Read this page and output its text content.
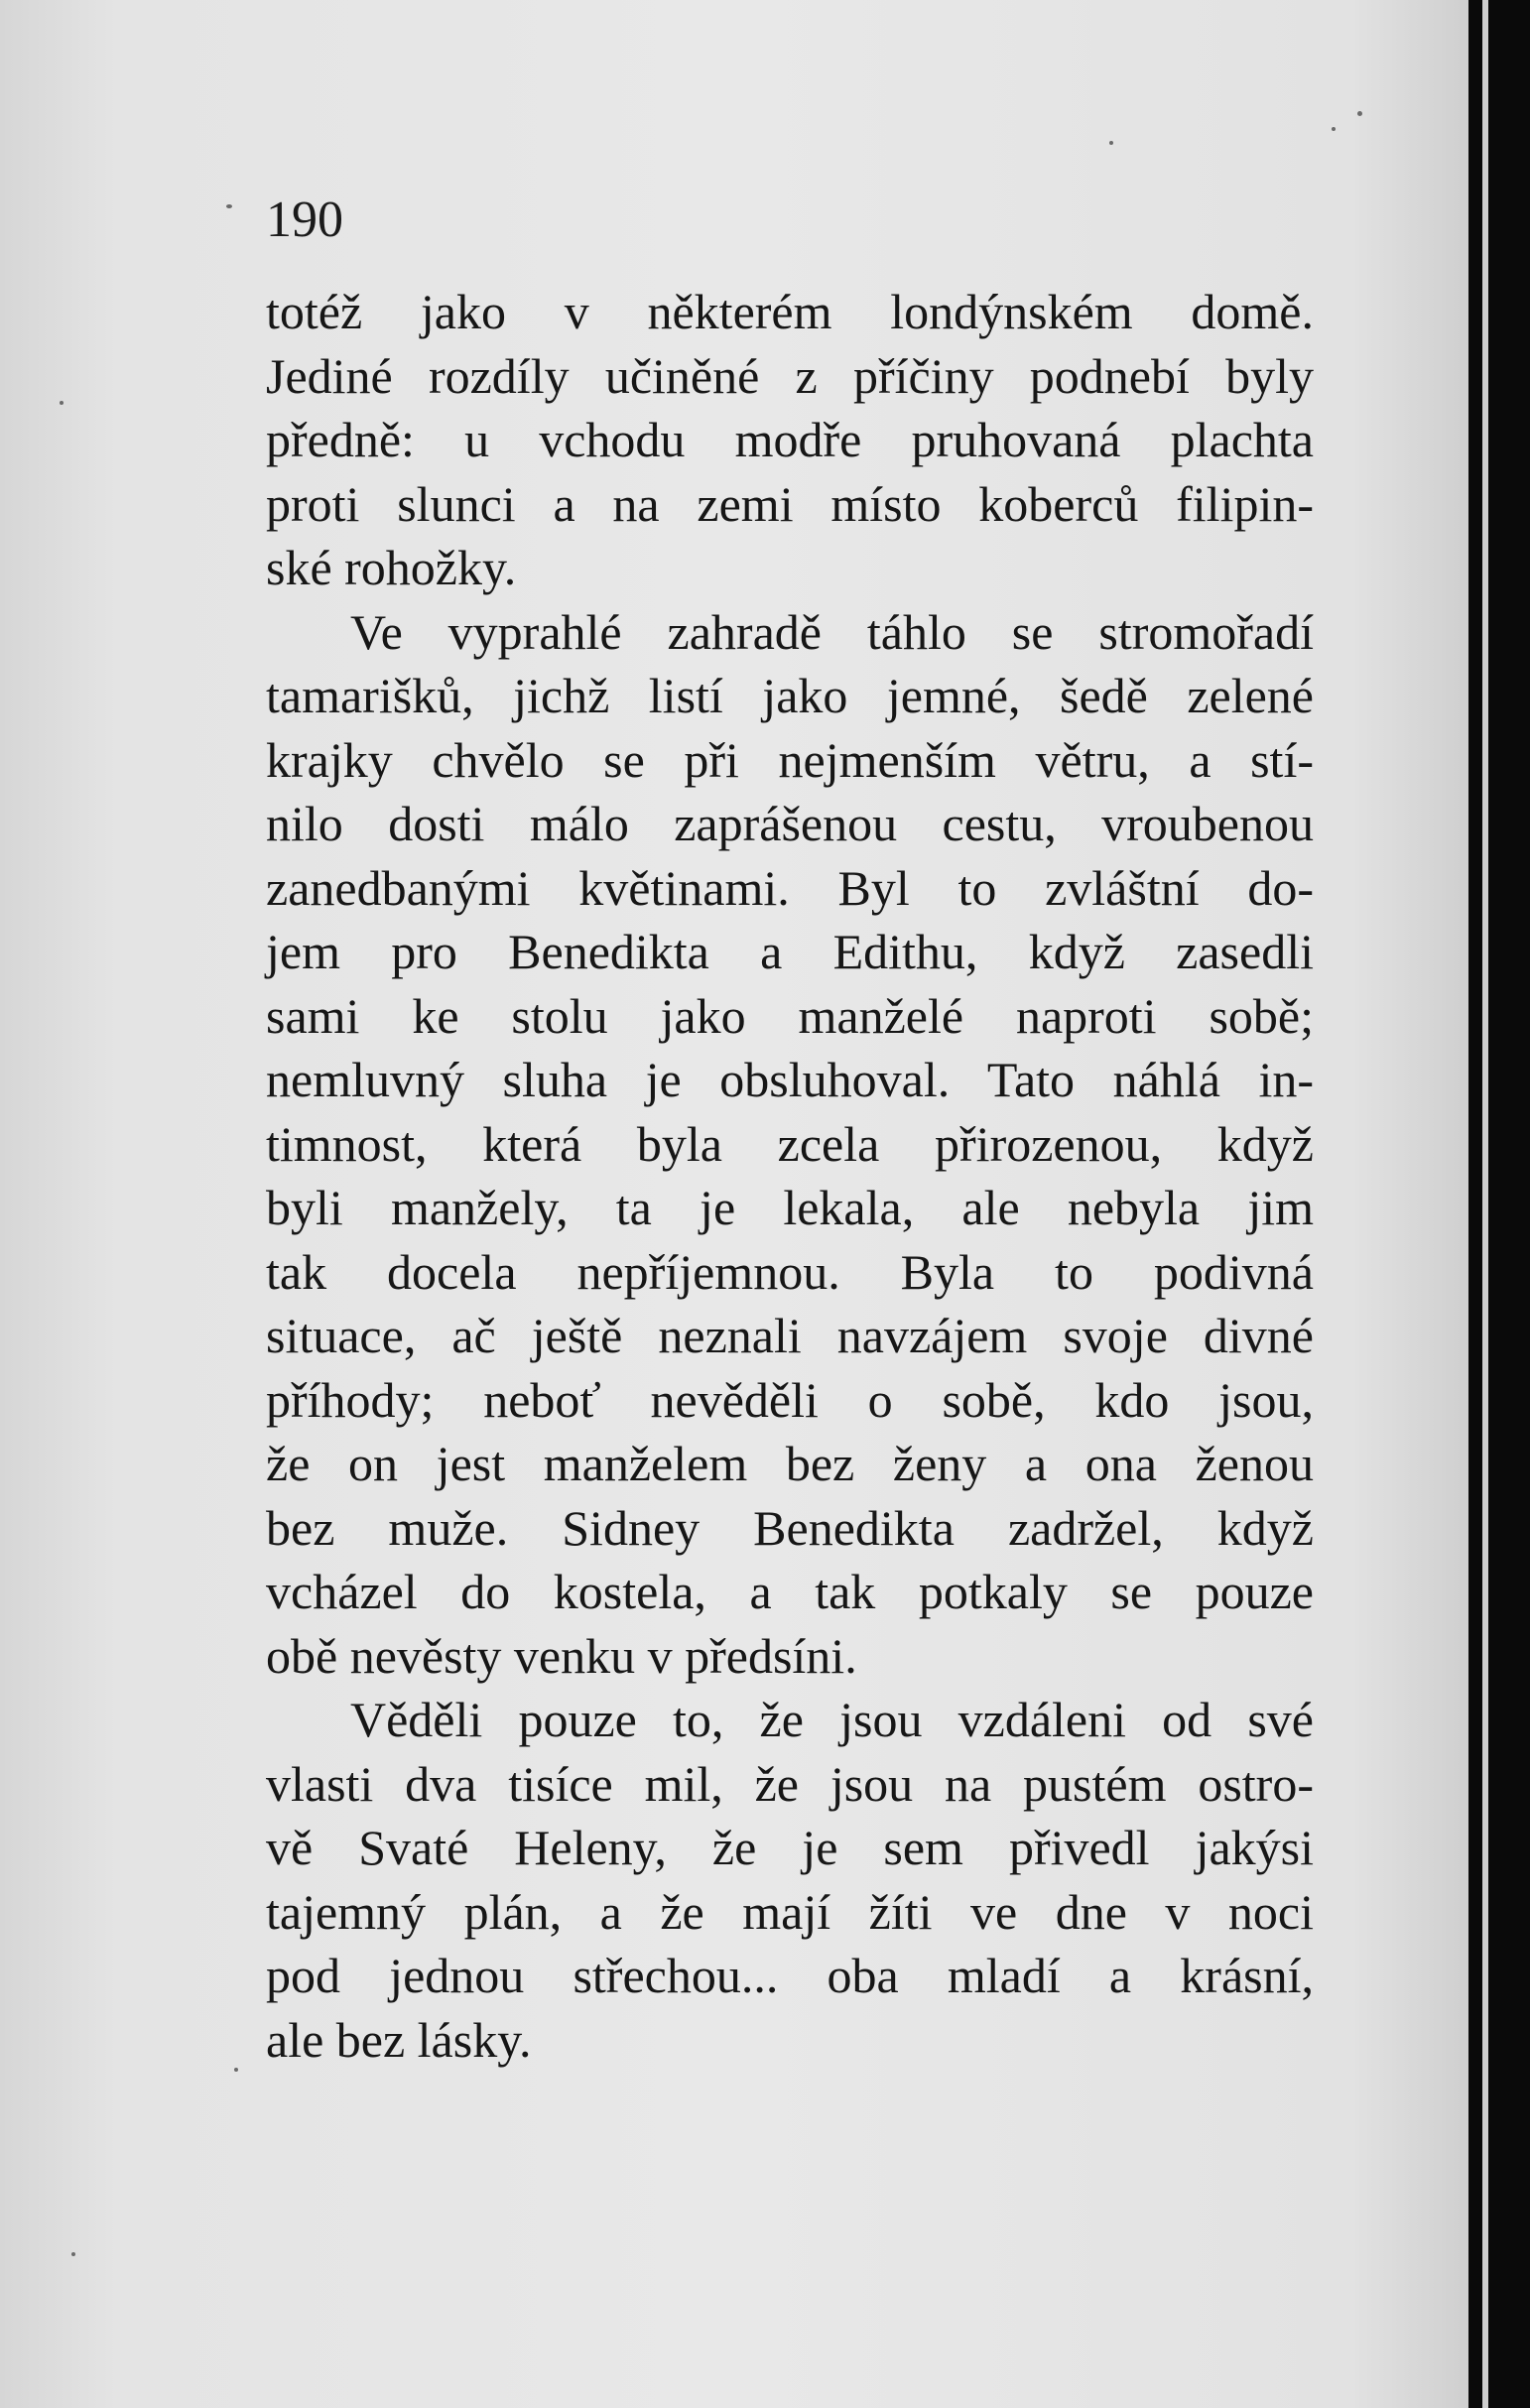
190

totéž jako v některém londýnském domě.
Jediné rozdíly učiněné z příčiny podnebí byly
předně: u vchodu modře pruhovaná plachta
proti slunci a na zemi místo koberců filipin-
ské rohožky.
Ve vyprahlé zahradě táhlo se stromořadí
tamarišků, jichž listí jako jemné, šedě zelené
krajky chvělo se při nejmenším větru, a stí-
nilo dosti málo zaprášenou cestu, vroubenou
zanedbanými květinami. Byl to zvláštní do-
jem pro Benedikta a Edithu, když zasedli
sami ke stolu jako manželé naproti sobě;
nemluvný sluha je obsluhoval. Tato náhlá in-
timnost, která byla zcela přirozenou, když
byli manžely, ta je lekala, ale nebyla jim
tak docela nepříjemnou. Byla to podivná
situace, ač ještě neznali navzájem svoje divné
příhody; neboť nevěděli o sobě, kdo jsou,
že on jest manželem bez ženy a ona ženou
bez muže. Sidney Benedikta zadržel, když
vcházel do kostela, a tak potkaly se pouze
obě nevěsty venku v předsíni.
Věděli pouze to, že jsou vzdáleni od své
vlasti dva tisíce mil, že jsou na pustém ostro-
vě Svaté Heleny, že je sem přivedl jakýsi
tajemný plán, a že mají žíti ve dne v noci
pod jednou střechou... oba mladí a krásní,
ale bez lásky.
